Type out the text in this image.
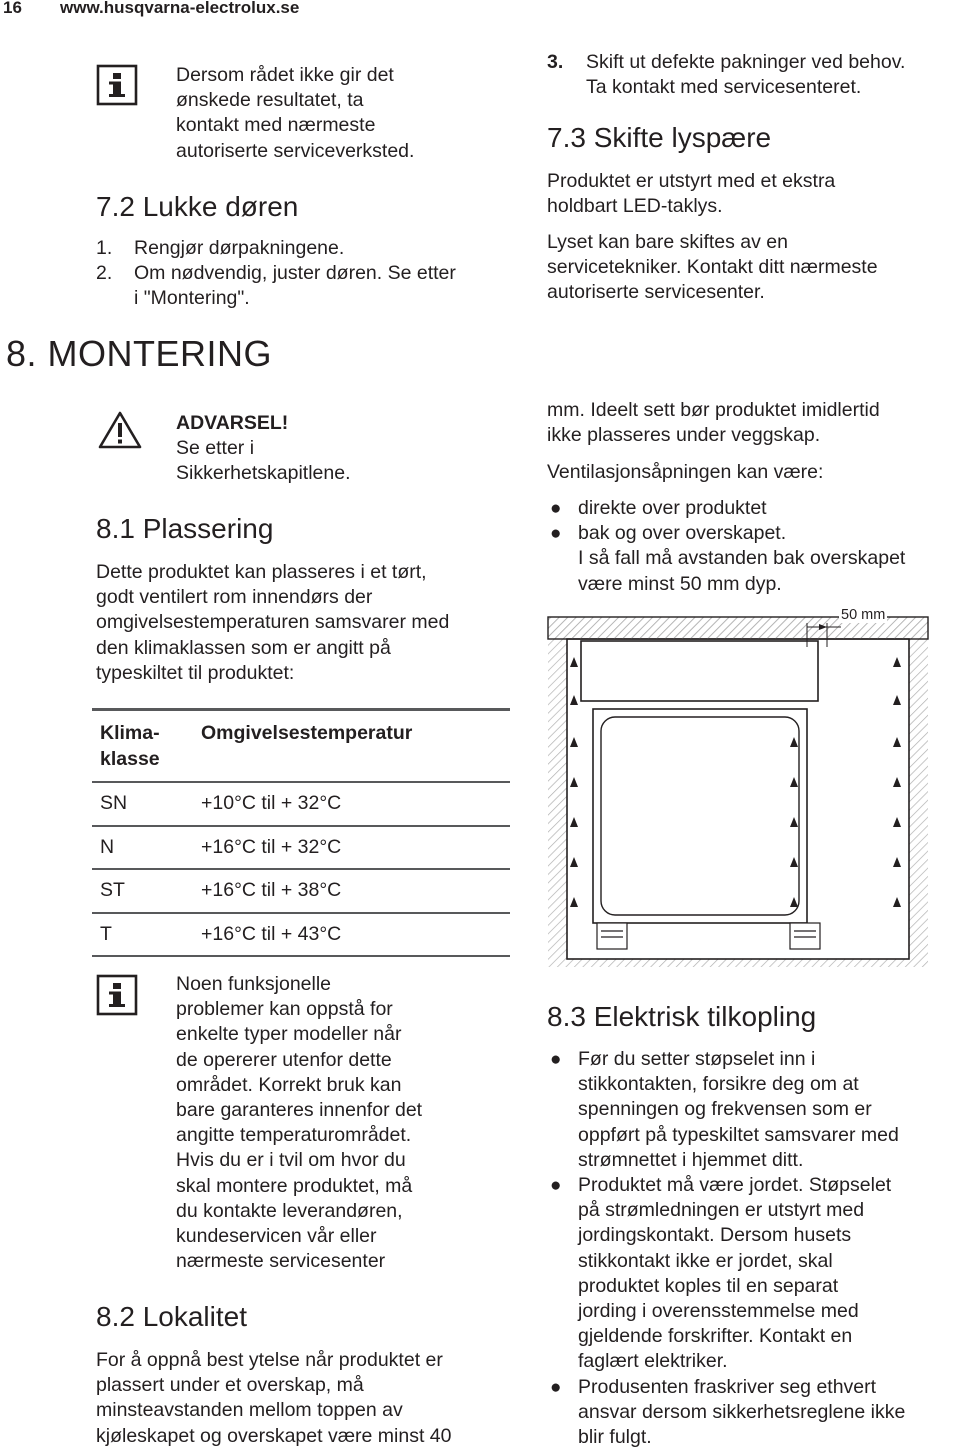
16 www.husqvarna-electrolux.se
Dersom rådet ikke gir det
ønskede resultatet, ta
kontakt med nærmeste
autoriserte serviceverksted.
7.2 Lukke døren
1. Rengjør dørpakningene.
2. Om nødvendig, juster døren. Se etter
i "Montering".
8. MONTERING
ADVARSEL!
Se etter i
Sikkerhetskapitlene.
8.1 Plassering
Dette produktet kan plasseres i et tørt,
godt ventilert rom innendørs der
omgivelsestemperaturen samsvarer med
den klimaklassen som er angitt på
typeskiltet til produktet:
Klima-
klasse	Omgivelsestemperatur
SN	+10°C til + 32°C
N	+16°C til + 32°C
ST	+16°C til + 38°C
T	+16°C til + 43°C
Noen funksjonelle
problemer kan oppstå for
enkelte typer modeller når
de opererer utenfor dette
området. Korrekt bruk kan
bare garanteres innenfor det
angitte temperaturområdet.
Hvis du er i tvil om hvor du
skal montere produktet, må
du kontakte leverandøren,
kundeservicen vår eller
nærmeste servicesenter
8.2 Lokalitet
For å oppnå best ytelse når produktet er
plassert under et overskap, må
minsteavstanden mellom toppen av
kjøleskapet og overskapet være minst 40
3. Skift ut defekte pakninger ved behov.
Ta kontakt med servicesenteret.
7.3 Skifte lyspære
Produktet er utstyrt med et ekstra
holdbart LED-taklys.
Lyset kan bare skiftes av en
servicetekniker. Kontakt ditt nærmeste
autoriserte servicesenter.
mm. Ideelt sett bør produktet imidlertid
ikke plasseres under veggskap.
Ventilasjonsåpningen kan være:
● direkte over produktet
● bak og over overskapet.
I så fall må avstanden bak overskapet
være minst 50 mm dyp.
50 mm
8.3 Elektrisk tilkopling
● Før du setter støpselet inn i
stikkontakten, forsikre deg om at
spenningen og frekvensen som er
oppført på typeskiltet samsvarer med
strømnettet i hjemmet ditt.
● Produktet må være jordet. Støpselet
på strømledningen er utstyrt med
jordingskontakt. Dersom husets
stikkontakt ikke er jordet, skal
produktet koples til en separat
jording i overensstemmelse med
gjeldende forskrifter. Kontakt en
faglært elektriker.
● Produsenten fraskriver seg ethvert
ansvar dersom sikkerhetsreglene ikke
blir fulgt.
